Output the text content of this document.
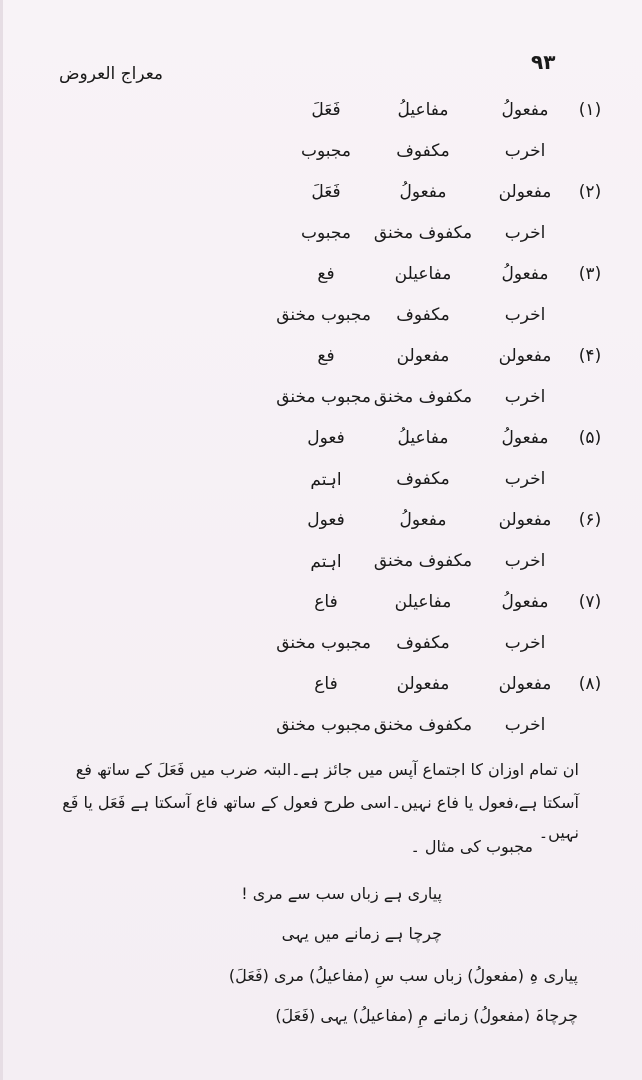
معراج العروض	۹۳
(۱)
مفعولُ
مفاعیلُ
فَعَلَ
اخرب
مکفوف
مجبوب
(۲)
مفعولن
مفعولُ
فَعَلَ
اخرب
مکفوف مخنق
مجبوب
(۳)
مفعولُ
مفاعیلن
فع
اخرب
مکفوف
مجبوب مخنق
(۴)
مفعولن
مفعولن
فع
اخرب
مکفوف مخنق
مجبوب مخنق
(۵)
مفعولُ
مفاعیلُ
فعول
اخرب
مکفوف
اہتم
(۶)
مفعولن
مفعولُ
فعول
اخرب
مکفوف مخنق
اہتم
(۷)
مفعولُ
مفاعیلن
فاع
اخرب
مکفوف
مجبوب مخنق
(۸)
مفعولن
مفعولن
فاع
اخرب
مکفوف مخنق
مجبوب مخنق
ان تمام اوزان کا اجتماع آپس میں جائز ہے۔البتہ ضرب میں فَعَلَ کے ساتھ فع
آسکتا ہے،فعول یا فاع نہیں۔اسی طرح فعول کے ساتھ فاع آسکتا ہے فَعَل یا فَع نہیں۔
مجبوب کی مثال ۔
پیاری ہے زباں سب سے مری !
چرچا ہے زمانے میں یہی
پیاری ہِ (مفعولُ) زباں سب سِ (مفاعیلُ) مری (فَعَلَ)
چرچاہَ (مفعولُ) زمانے مِ (مفاعیلُ) یہی (فَعَلَ)
